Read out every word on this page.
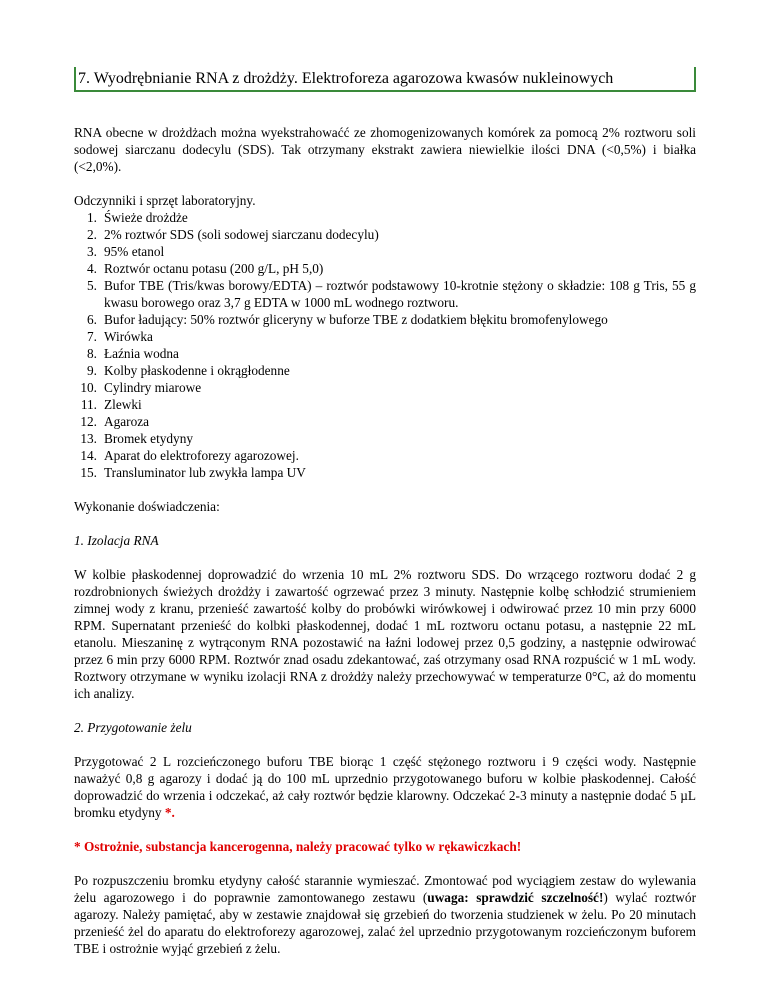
7. Wyodrębnianie RNA z drożdży. Elektroforeza agarozowa kwasów nukleinowych

RNA obecne w drożdżach można wyekstrahowaćć ze zhomogenizowanych komórek za pomocą 2% roztworu soli sodowej siarczanu dodecylu (SDS). Tak otrzymany ekstrakt zawiera niewielkie ilości DNA (<0,5%) i białka (<2,0%).

Odczynniki i sprzęt laboratoryjny.

1. Świeże drożdże
2. 2% roztwór SDS (soli sodowej siarczanu dodecylu)
3. 95% etanol
4. Roztwór octanu potasu (200 g/L, pH 5,0)
5. Bufor TBE (Tris/kwas borowy/EDTA) – roztwór podstawowy 10-krotnie stężony o składzie: 108 g Tris, 55 g kwasu borowego oraz 3,7 g EDTA w 1000 mL wodnego roztworu.
6. Bufor ładujący: 50% roztwór gliceryny w buforze TBE z dodatkiem błękitu bromofenylowego
7. Wirówka
8. Łaźnia wodna
9. Kolby płaskodenne i okrągłodenne
10. Cylindry miarowe
11. Zlewki
12. Agaroza
13. Bromek etydyny
14. Aparat do elektroforezy agarozowej.
15. Transluminator lub zwykła lampa UV

Wykonanie doświadczenia:

1. Izolacja RNA

W kolbie płaskodennej doprowadzić do wrzenia 10 mL 2% roztworu SDS. Do wrzącego roztworu dodać 2 g rozdrobnionych świeżych drożdży i zawartość ogrzewać przez 3 minuty. Następnie kolbę schłodzić strumieniem zimnej wody z kranu, przenieść zawartość kolby do probówki wirówkowej i odwirować przez 10 min przy 6000 RPM. Supernatant przenieść do kolbki płaskodennej, dodać 1 mL roztworu octanu potasu, a następnie 22 mL etanolu. Mieszaninę z wytrąconym RNA pozostawić na łaźni lodowej przez 0,5 godziny, a następnie odwirować przez 6 min przy 6000 RPM. Roztwór znad osadu zdekantować, zaś otrzymany osad RNA rozpuścić w 1 mL wody. Roztwory otrzymane w wyniku izolacji RNA z drożdży należy przechowywać w temperaturze 0°C, aż do momentu ich analizy.

2. Przygotowanie żelu

Przygotować 2 L rozcieńczonego buforu TBE biorąc 1 część stężonego roztworu i 9 części wody. Następnie naważyć 0,8 g agarozy i dodać ją do 100 mL uprzednio przygotowanego buforu w kolbie płaskodennej. Całość doprowadzić do wrzenia i odczekać, aż cały roztwór będzie klarowny. Odczekać 2-3 minuty a następnie dodać 5 µL bromku etydyny *.

* Ostrożnie, substancja kancerogenna, należy pracować tylko w rękawiczkach!

Po rozpuszczeniu bromku etydyny całość starannie wymieszać. Zmontować pod wyciągiem zestaw do wylewania żelu agarozowego i do poprawnie zamontowanego zestawu (uwaga: sprawdzić szczelność!) wylać roztwór agarozy. Należy pamiętać, aby w zestawie znajdował się grzebień do tworzenia studzienek w żelu. Po 20 minutach przenieść żel do aparatu do elektroforezy agarozowej, zalać żel uprzednio przygotowanym rozcieńczonym buforem TBE i ostrożnie wyjąć grzebień z żelu.
